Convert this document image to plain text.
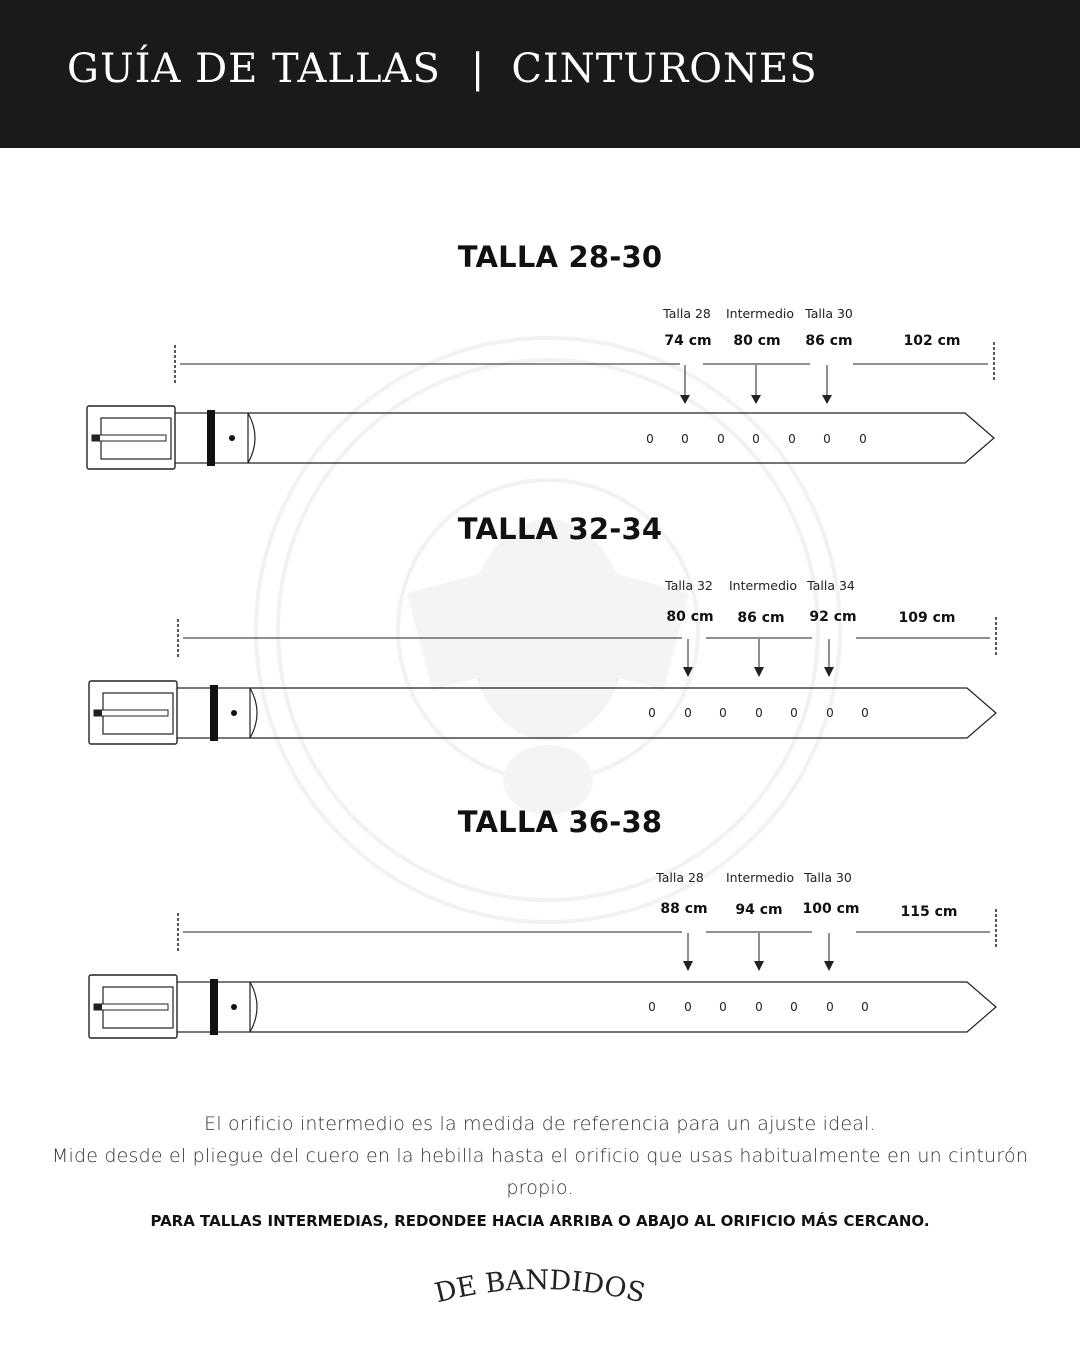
GUÍA DE TALLAS | CINTURONES
TALLA 28-30
Talla 28 Intermedio Talla 30
74 cm 80 cm 86 cm	102 cm
0 0 0 0 0 0 0
TALLA 32-34
Talla 32 Intermedio Talla 34
80 cm 86 cm 92 cm	109 cm
0 0 0 0 0 0 0
TALLA 36-38
Talla 28 Intermedio Talla 30
88 cm 94 cm 100 cm	115 cm
0 0 0 0 0 0 0

El orificio intermedio es la medida de referencia para un ajuste ideal.

Mide desde el pliegue del cuero en la hebilla hasta el orificio que usas habitualmente en un cinturón propio.

PARA TALLAS INTERMEDIAS, REDONDEE HACIA ARRIBA O ABAJO AL ORIFICIO MÁS CERCANO.

DE BANDIDOS
